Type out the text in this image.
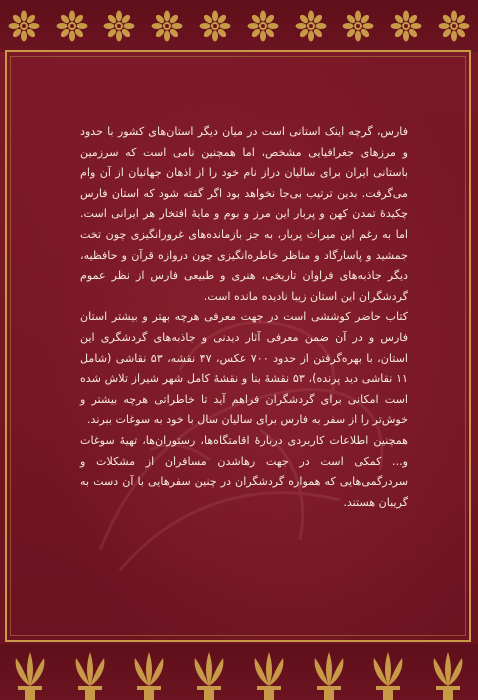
فارس، گرچه اینک استانی است در میان دیگر استان‌های کشور با حدود و مرزهای جغرافیایی مشخص، اما همچنین نامی است که سرزمین باستانی ایران برای سالیان دراز نام خود را از اذهان جهانیان از آن وام می‌گرفت. بدین ترتیب بی‌جا نخواهد بود اگر گفته شود که استان فارس چکیدهٔ تمدن کهن و پربار این مرز و بوم و مایهٔ افتخار هر ایرانی است. اما به رغم این میراث پربار، به جز بازمانده‌های غرورانگیزی چون تخت جمشید و پاسارگاد و مناظر خاطره‌انگیزی چون دروازه قرآن و حافظیه، دیگر جاذبه‌های فراوان تاریخی، هنری و طبیعی فارس از نظر عموم گردشگران این استان زیبا نادیده مانده است.

کتاب حاضر کوششی است در جهت معرفی هرچه بهتر و بیشتر استان فارس و در آن ضمن معرفی آثار دیدنی و جاذبه‌های گردشگری این استان، با بهره‌گرفتن از حدود ۷۰۰ عکس، ۴۷ نقشه، ۵۳ نقاشی (شامل ۱۱ نقاشی دید پرنده)، ۵۳ نقشهٔ بنا و نقشهٔ کامل شهر شیراز تلاش شده است امکانی برای گردشگران فراهم آید تا خاطراتی هرچه بیشتر و خوش‌تر را از سفر به فارس برای سالیان سال با خود به سوغات ببرند.

همچنین اطلاعات کاربردی دربارهٔ اقامتگاه‌ها، رستوران‌ها، تهیهٔ سوغات و... کمکی است در جهت رهاشدن مسافران از مشکلات و سردرگمی‌هایی که همواره گردشگران در چنین سفرهایی با آن دست به گریبان هستند.
